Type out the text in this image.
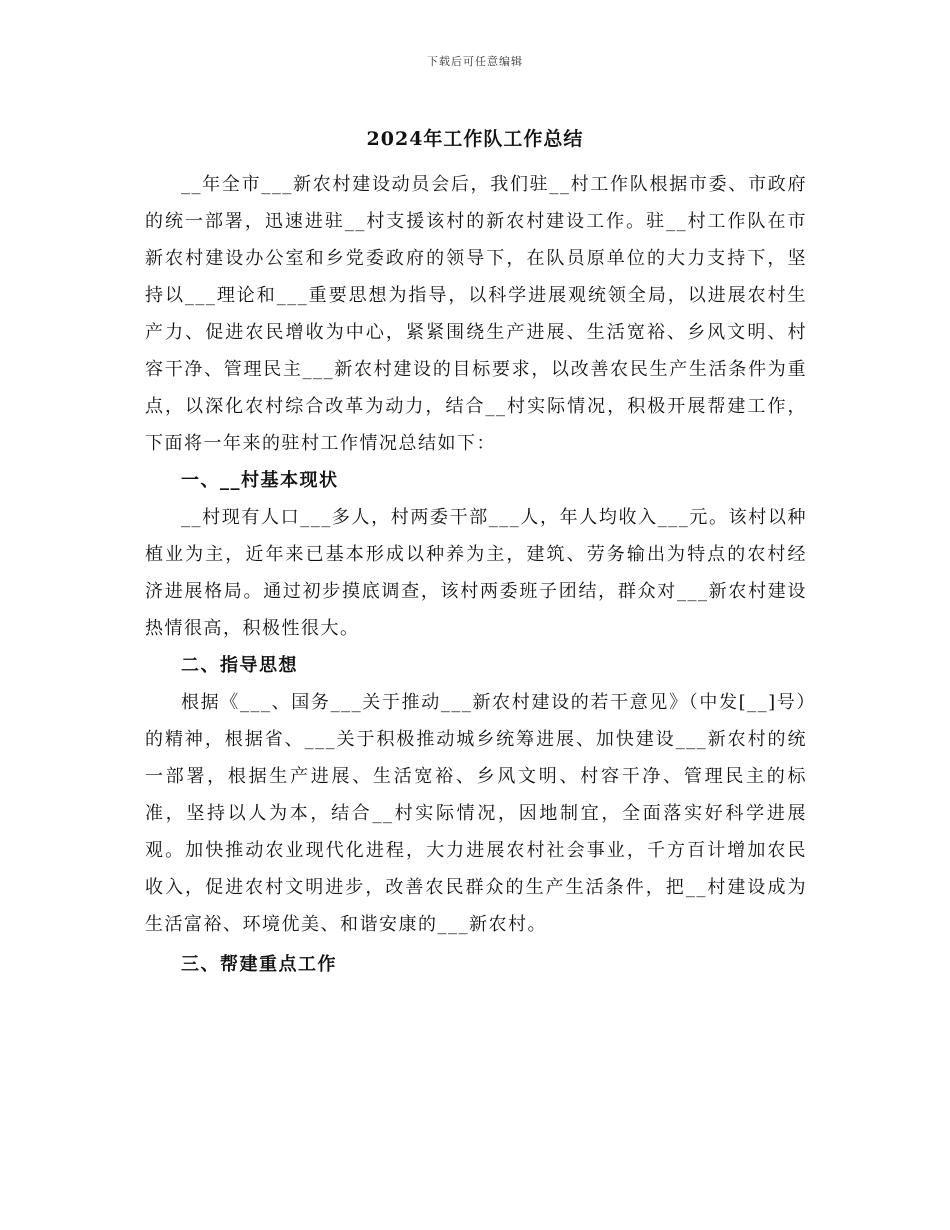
下载后可任意编辑
2024年工作队工作总结

__年全市___新农村建设动员会后，我们驻__村工作队根据市委、市政府的统一部署，迅速进驻__村支援该村的新农村建设工作。驻__村工作队在市新农村建设办公室和乡党委政府的领导下，在队员原单位的大力支持下，坚持以___理论和___重要思想为指导，以科学进展观统领全局，以进展农村生产力、促进农民增收为中心，紧紧围绕生产进展、生活宽裕、乡风文明、村容干净、管理民主___新农村建设的目标要求，以改善农民生产生活条件为重点，以深化农村综合改革为动力，结合__村实际情况，积极开展帮建工作，下面将一年来的驻村工作情况总结如下：

一、__村基本现状

__村现有人口___多人，村两委干部___人，年人均收入___元。该村以种植业为主，近年来已基本形成以种养为主，建筑、劳务输出为特点的农村经济进展格局。通过初步摸底调查，该村两委班子团结，群众对___新农村建设热情很高，积极性很大。

二、指导思想

根据《___、国务___关于推动___新农村建设的若干意见》（中发[__]号）的精神，根据省、___关于积极推动城乡统筹进展、加快建设___新农村的统一部署，根据生产进展、生活宽裕、乡风文明、村容干净、管理民主的标准，坚持以人为本，结合__村实际情况，因地制宜，全面落实好科学进展观。加快推动农业现代化进程，大力进展农村社会事业，千方百计增加农民收入，促进农村文明进步，改善农民群众的生产生活条件，把__村建设成为生活富裕、环境优美、和谐安康的___新农村。

三、帮建重点工作
